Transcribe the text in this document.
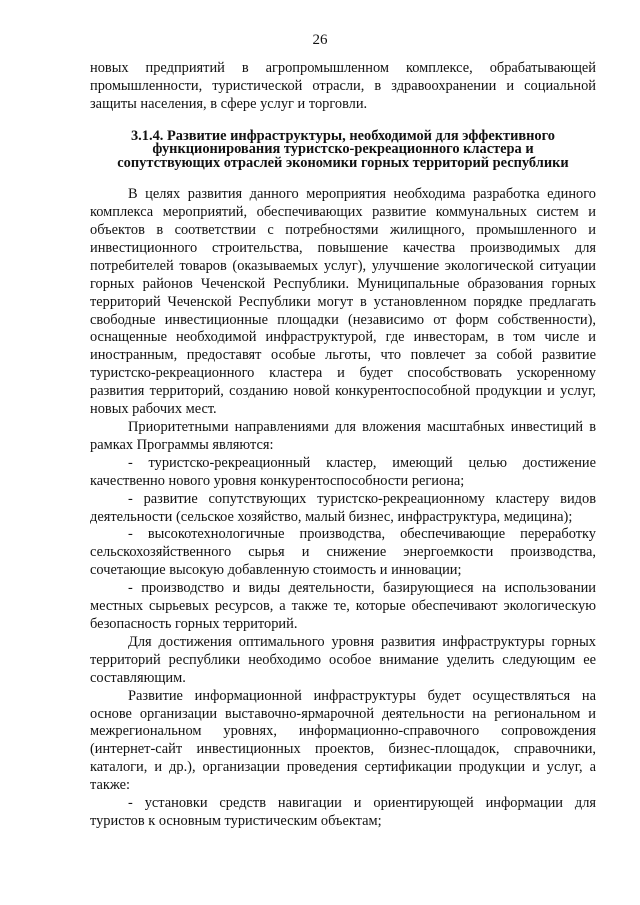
26

новых предприятий в агропромышленном комплексе, обрабатывающей промышленности, туристической отрасли, в здравоохранении и социальной защиты населения, в сфере услуг и торговли.

3.1.4. Развитие инфраструктуры, необходимой для эффективного
функционирования туристско-рекреационного кластера и
сопутствующих отраслей экономики горных территорий республики

В целях развития данного мероприятия необходима разработка единого комплекса мероприятий, обеспечивающих развитие коммунальных систем и объектов в соответствии с потребностями жилищного, промышленного и инвестиционного строительства, повышение качества производимых для потребителей товаров (оказываемых услуг), улучшение экологической ситуации горных районов Чеченской Республики. Муниципальные образования горных территорий Чеченской Республики могут в установленном порядке предлагать свободные инвестиционные площадки (независимо от форм собственности), оснащенные необходимой инфраструктурой, где инвесторам, в том числе и иностранным, предоставят особые льготы, что повлечет за собой развитие туристско-рекреационного кластера и будет способствовать ускоренному развития территорий, созданию новой конкурентоспособной продукции и услуг, новых рабочих мест.

Приоритетными направлениями для вложения масштабных инвестиций в рамках Программы являются:

- туристско-рекреационный кластер, имеющий целью достижение качественно нового уровня конкурентоспособности региона;

- развитие сопутствующих туристско-рекреационному кластеру видов деятельности (сельское хозяйство, малый бизнес, инфраструктура, медицина);

- высокотехнологичные производства, обеспечивающие переработку сельскохозяйственного сырья и снижение энергоемкости производства, сочетающие высокую добавленную стоимость и инновации;

- производство и виды деятельности, базирующиеся на использовании местных сырьевых ресурсов, а также те, которые обеспечивают экологическую безопасность горных территорий.

Для достижения оптимального уровня развития инфраструктуры горных территорий республики необходимо особое внимание уделить следующим ее составляющим.

Развитие информационной инфраструктуры будет осуществляться на основе организации выставочно-ярмарочной деятельности на региональном и межрегиональном уровнях, информационно-справочного сопровождения (интернет-сайт инвестиционных проектов, бизнес-площадок, справочники, каталоги, и др.), организации проведения сертификации продукции и услуг, а также:

- установки средств навигации и ориентирующей информации для туристов к основным туристическим объектам;
